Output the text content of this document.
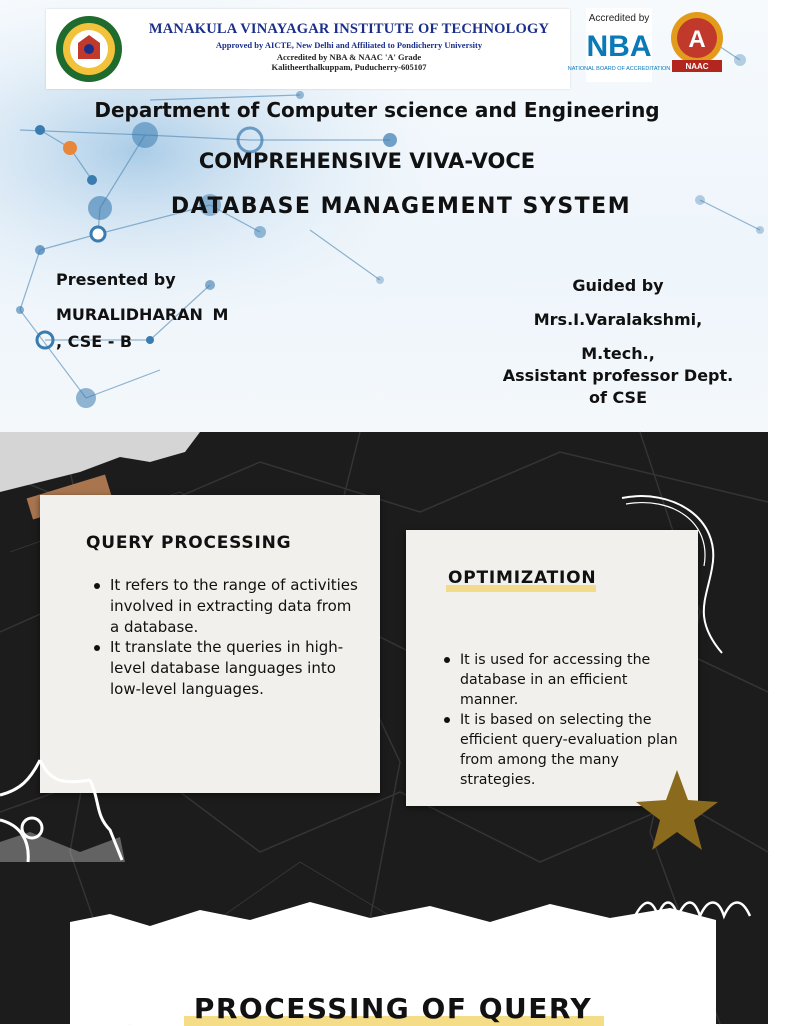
MANAKULA VINAYAGAR INSTITUTE OF TECHNOLOGY
Approved by AICTE, New Delhi and Affiliated to Pondicherry University
Accredited by NBA & NAAC 'A' Grade
Kalitheerthalkuppam, Puducherry-605107
Accredited by
NBA
NATIONAL BOARD OF ACCREDITATION
A
NAAC
Department of Computer science and Engineering
COMPREHENSIVE VIVA-VOCE
DATABASE MANAGEMENT SYSTEM
Presented by
MURALIDHARAN M
, CSE - B
Guided by
Mrs.I.Varalakshmi,
M.tech.,
Assistant professor Dept.
of CSE
QUERY PROCESSING
It refers to the range of activities involved in extracting data from a database.
It translate the queries in high-level database languages into low-level languages.
OPTIMIZATION
It is used for accessing the database in an efficient manner.
It is based on selecting the efficient query-evaluation plan from among the many strategies.
PROCESSING OF QUERY
